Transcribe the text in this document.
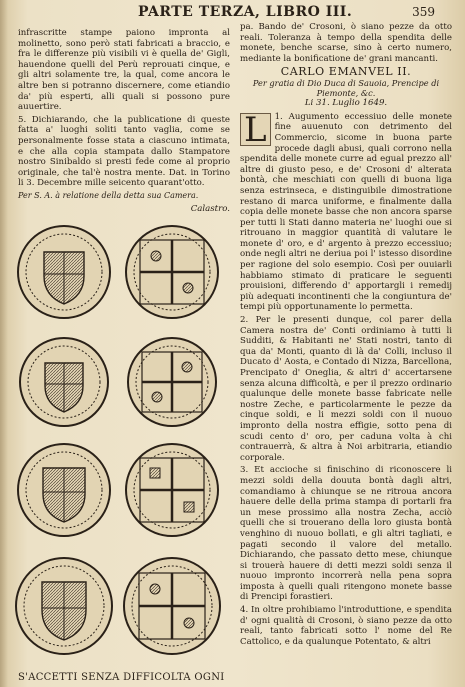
PARTE TERZA, LIBRO III.	359

infrascritte stampe paiono impronta al molinetto, sono però stati fabricati a braccio, e fra le differenze più visibili vi è quella de' Gigli, hauendone quelli del Perù reprouati cinque, e gli altri solamente tre, la qual, come ancora le altre ben si potranno discernere, come etiandio da' più esperti, alli quali si possono pure auuertire.

5. Dichiarando, che la publicatione di queste fatta a' luoghi soliti tanto vaglia, come se personalmente fosse stata a ciascuno intimata, e che alla copia stampata dallo Stampatore nostro Sinibaldo si presti fede come al proprio originale, che tal'è nostra mente. Dat. in Torino li 3. Decembre mille seicento quarant'otto.

Per S. A. à relatione della detta sua Camera.

Calastro.

pa. Bando de' Crosoni, ò siano pezze da otto reali. Toleranza à tempo della spendita delle monete, benche scarse, sino à certo numero, mediante la bonificatione de' grani mancanti.

CARLO EMANVEL II.
Per gratia di Dio Duca di Sauoia, Prencipe di Piemonte, &c.
Li 31. Luglio 1649.

L 1. Augumento eccessiuo delle monete fine auuenuto con detrimento del Commercio, sicome in buona parte procede dagli abusi, quali corrono nella spendita delle monete curre ad egual prezzo all' altre di giusto peso, e de' Crosoni d' alterata bontà, che meschiati con quelli di buona liga senza estrinseca, e distinguibile dimostratione restano di marca uniforme, e finalmente dalla copia delle monete basse che non ancora sparse per tutti li Stati danno materia ne' luoghi oue si ritrouano in maggior quantità di valutare le monete d' oro, e d' argento à prezzo eccessiuo; onde negli altri ne deriua poi l' istesso disordine per ragione del solo esempio. Così per ouuiarli habbiamo stimato di praticare le seguenti prouisioni, differendo d' apportargli i remedij più adequati incontinenti che la congiuntura de' tempi più opportunamente lo permetta.

2. Per le presenti dunque, col parer della Camera nostra de' Conti ordiniamo à tutti li Sudditi, & Habitanti ne' Stati nostri, tanto di qua da' Monti, quanto di là da' Colli, incluso il Ducato d' Aosta, e Contado di Nizza, Barcellona, Prencipato d' Oneglia, & altri d' accertarsene senza alcuna difficoltà, e per il prezzo ordinario qualunque delle monete basse fabricate nelle nostre Zeche, e particolarmente le pezze da cinque soldi, e li mezzi soldi con il nuouo impronto della nostra effigie, sotto pena di scudi cento d' oro, per caduna volta à chi contrauerrà, & altra à Noi arbitraria, etiandio corporale.

3. Et accioche si finischino di riconoscere li mezzi soldi della douuta bontà dagli altri, comandiamo à chiunque se ne ritroua ancora hauere delle della prima stampa di portarli fra un mese prossimo alla nostra Zecha, acciò quelli che si trouerano della loro giusta bontà venghino di nuouo bollati, e gli altri tagliati, e pagati secondo il valore del metallo. Dichiarando, che passato detto mese, chiunque si trouerà hauere di detti mezzi soldi senza il nuouo impronto incorrerà nella pena sopra imposta à quelli quali ritengono monete basse di Prencipi forastieri.

4. In oltre prohibiamo l'introduttione, e spendita d' ogni qualità di Crosoni, ò siano pezze da otto reali, tanto fabricati sotto l' nome del Re Cattolico, e da qualunque Potentato, & altri

S'ACCETTI SENZA DIFFICOLTA OGNI
